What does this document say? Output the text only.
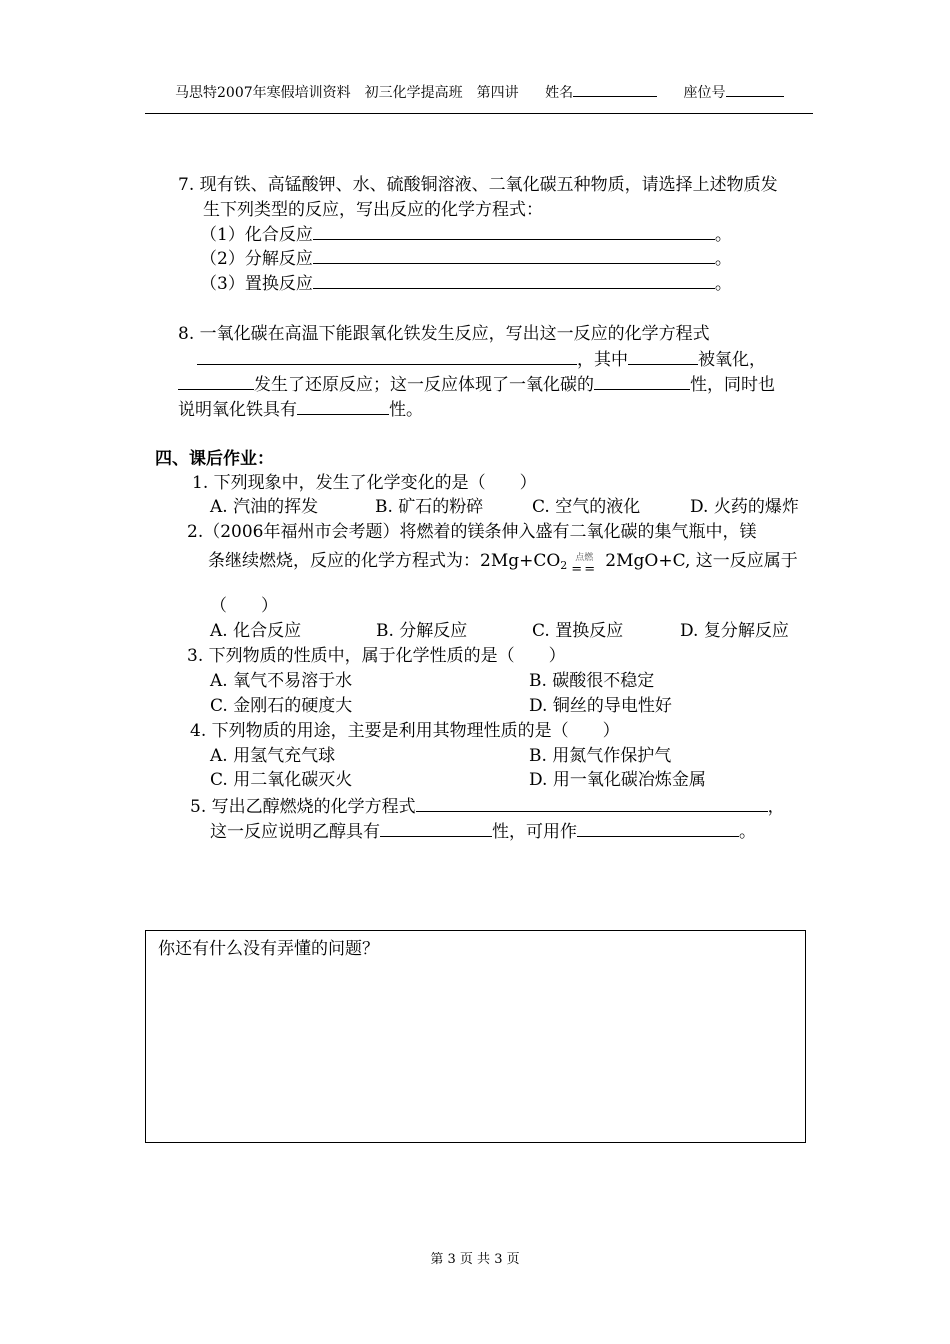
马思特2007年寒假培训资料　初三化学提高班　第四讲 姓名	座位号
7. 现有铁、高锰酸钾、水、硫酸铜溶液、二氧化碳五种物质，请选择上述物质发
生下列类型的反应，写出反应的化学方程式：
（1）化合反应	。
（2）分解反应	。
（3）置换反应	。
8. 一氧化碳在高温下能跟氧化铁发生反应，写出这一反应的化学方程式
，其中	被氧化，
发生了还原反应；这一反应体现了一氧化碳的	性，同时也
说明氧化铁具有	性。
四、课后作业：
1. 下列现象中，发生了化学变化的是（　　）
A. 汽油的挥发	B. 矿石的粉碎	C. 空气的液化	D. 火药的爆炸
2.（2006年福州市会考题）将燃着的镁条伸入盛有二氧化碳的集气瓶中，镁
条继续燃烧，反应的化学方程式为：$2Mg+CO_2$
点燃
== 2MgO+C, 这一反应属于
（　　）
A. 化合反应	B. 分解反应	C. 置换反应	D. 复分解反应
3. 下列物质的性质中，属于化学性质的是（　　）
A. 氧气不易溶于水	B. 碳酸很不稳定
C. 金刚石的硬度大	D. 铜丝的导电性好
4. 下列物质的用途，主要是利用其物理性质的是（　　）
A. 用氢气充气球	B. 用氮气作保护气
C. 用二氧化碳灭火	D. 用一氧化碳冶炼金属
5. 写出乙醇燃烧的化学方程式	，
这一反应说明乙醇具有	性，可用作	。
你还有什么没有弄懂的问题？
第 3 页 共 3 页
